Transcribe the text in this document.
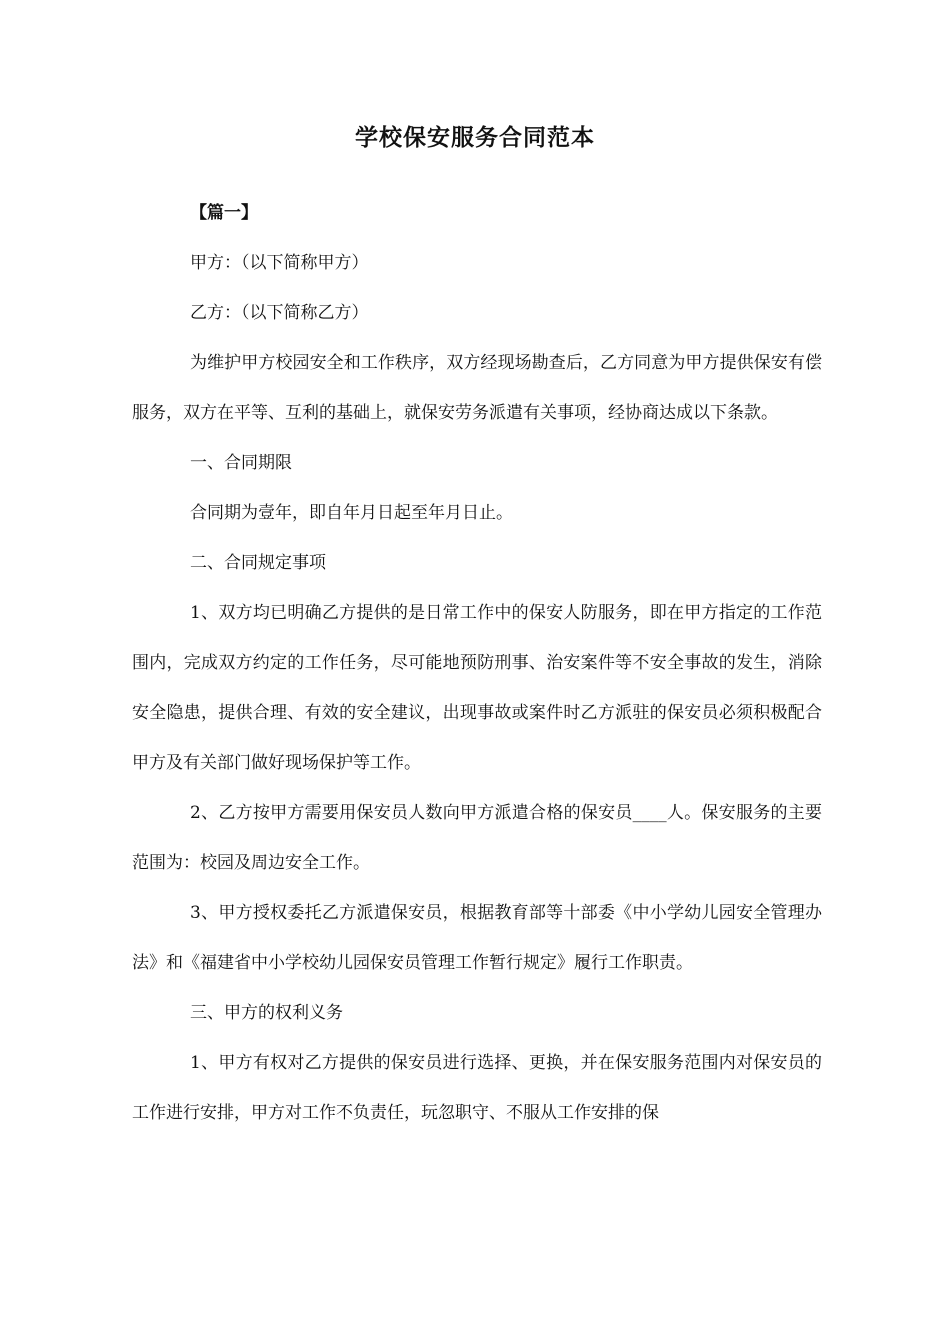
学校保安服务合同范本

【篇一】

甲方：（以下简称甲方）

乙方：（以下简称乙方）

为维护甲方校园安全和工作秩序，双方经现场勘查后，乙方同意为甲方提供保安有偿服务，双方在平等、互利的基础上，就保安劳务派遣有关事项，经协商达成以下条款。

一、合同期限

合同期为壹年，即自年月日起至年月日止。

二、合同规定事项

1、双方均已明确乙方提供的是日常工作中的保安人防服务，即在甲方指定的工作范围内，完成双方约定的工作任务，尽可能地预防刑事、治安案件等不安全事故的发生，消除安全隐患，提供合理、有效的安全建议，出现事故或案件时乙方派驻的保安员必须积极配合甲方及有关部门做好现场保护等工作。

2、乙方按甲方需要用保安员人数向甲方派遣合格的保安员____人。保安服务的主要范围为：校园及周边安全工作。

3、甲方授权委托乙方派遣保安员，根据教育部等十部委《中小学幼儿园安全管理办法》和《福建省中小学校幼儿园保安员管理工作暂行规定》履行工作职责。

三、甲方的权利义务

1、甲方有权对乙方提供的保安员进行选择、更换，并在保安服务范围内对保安员的工作进行安排，甲方对工作不负责任，玩忽职守、不服从工作安排的保
